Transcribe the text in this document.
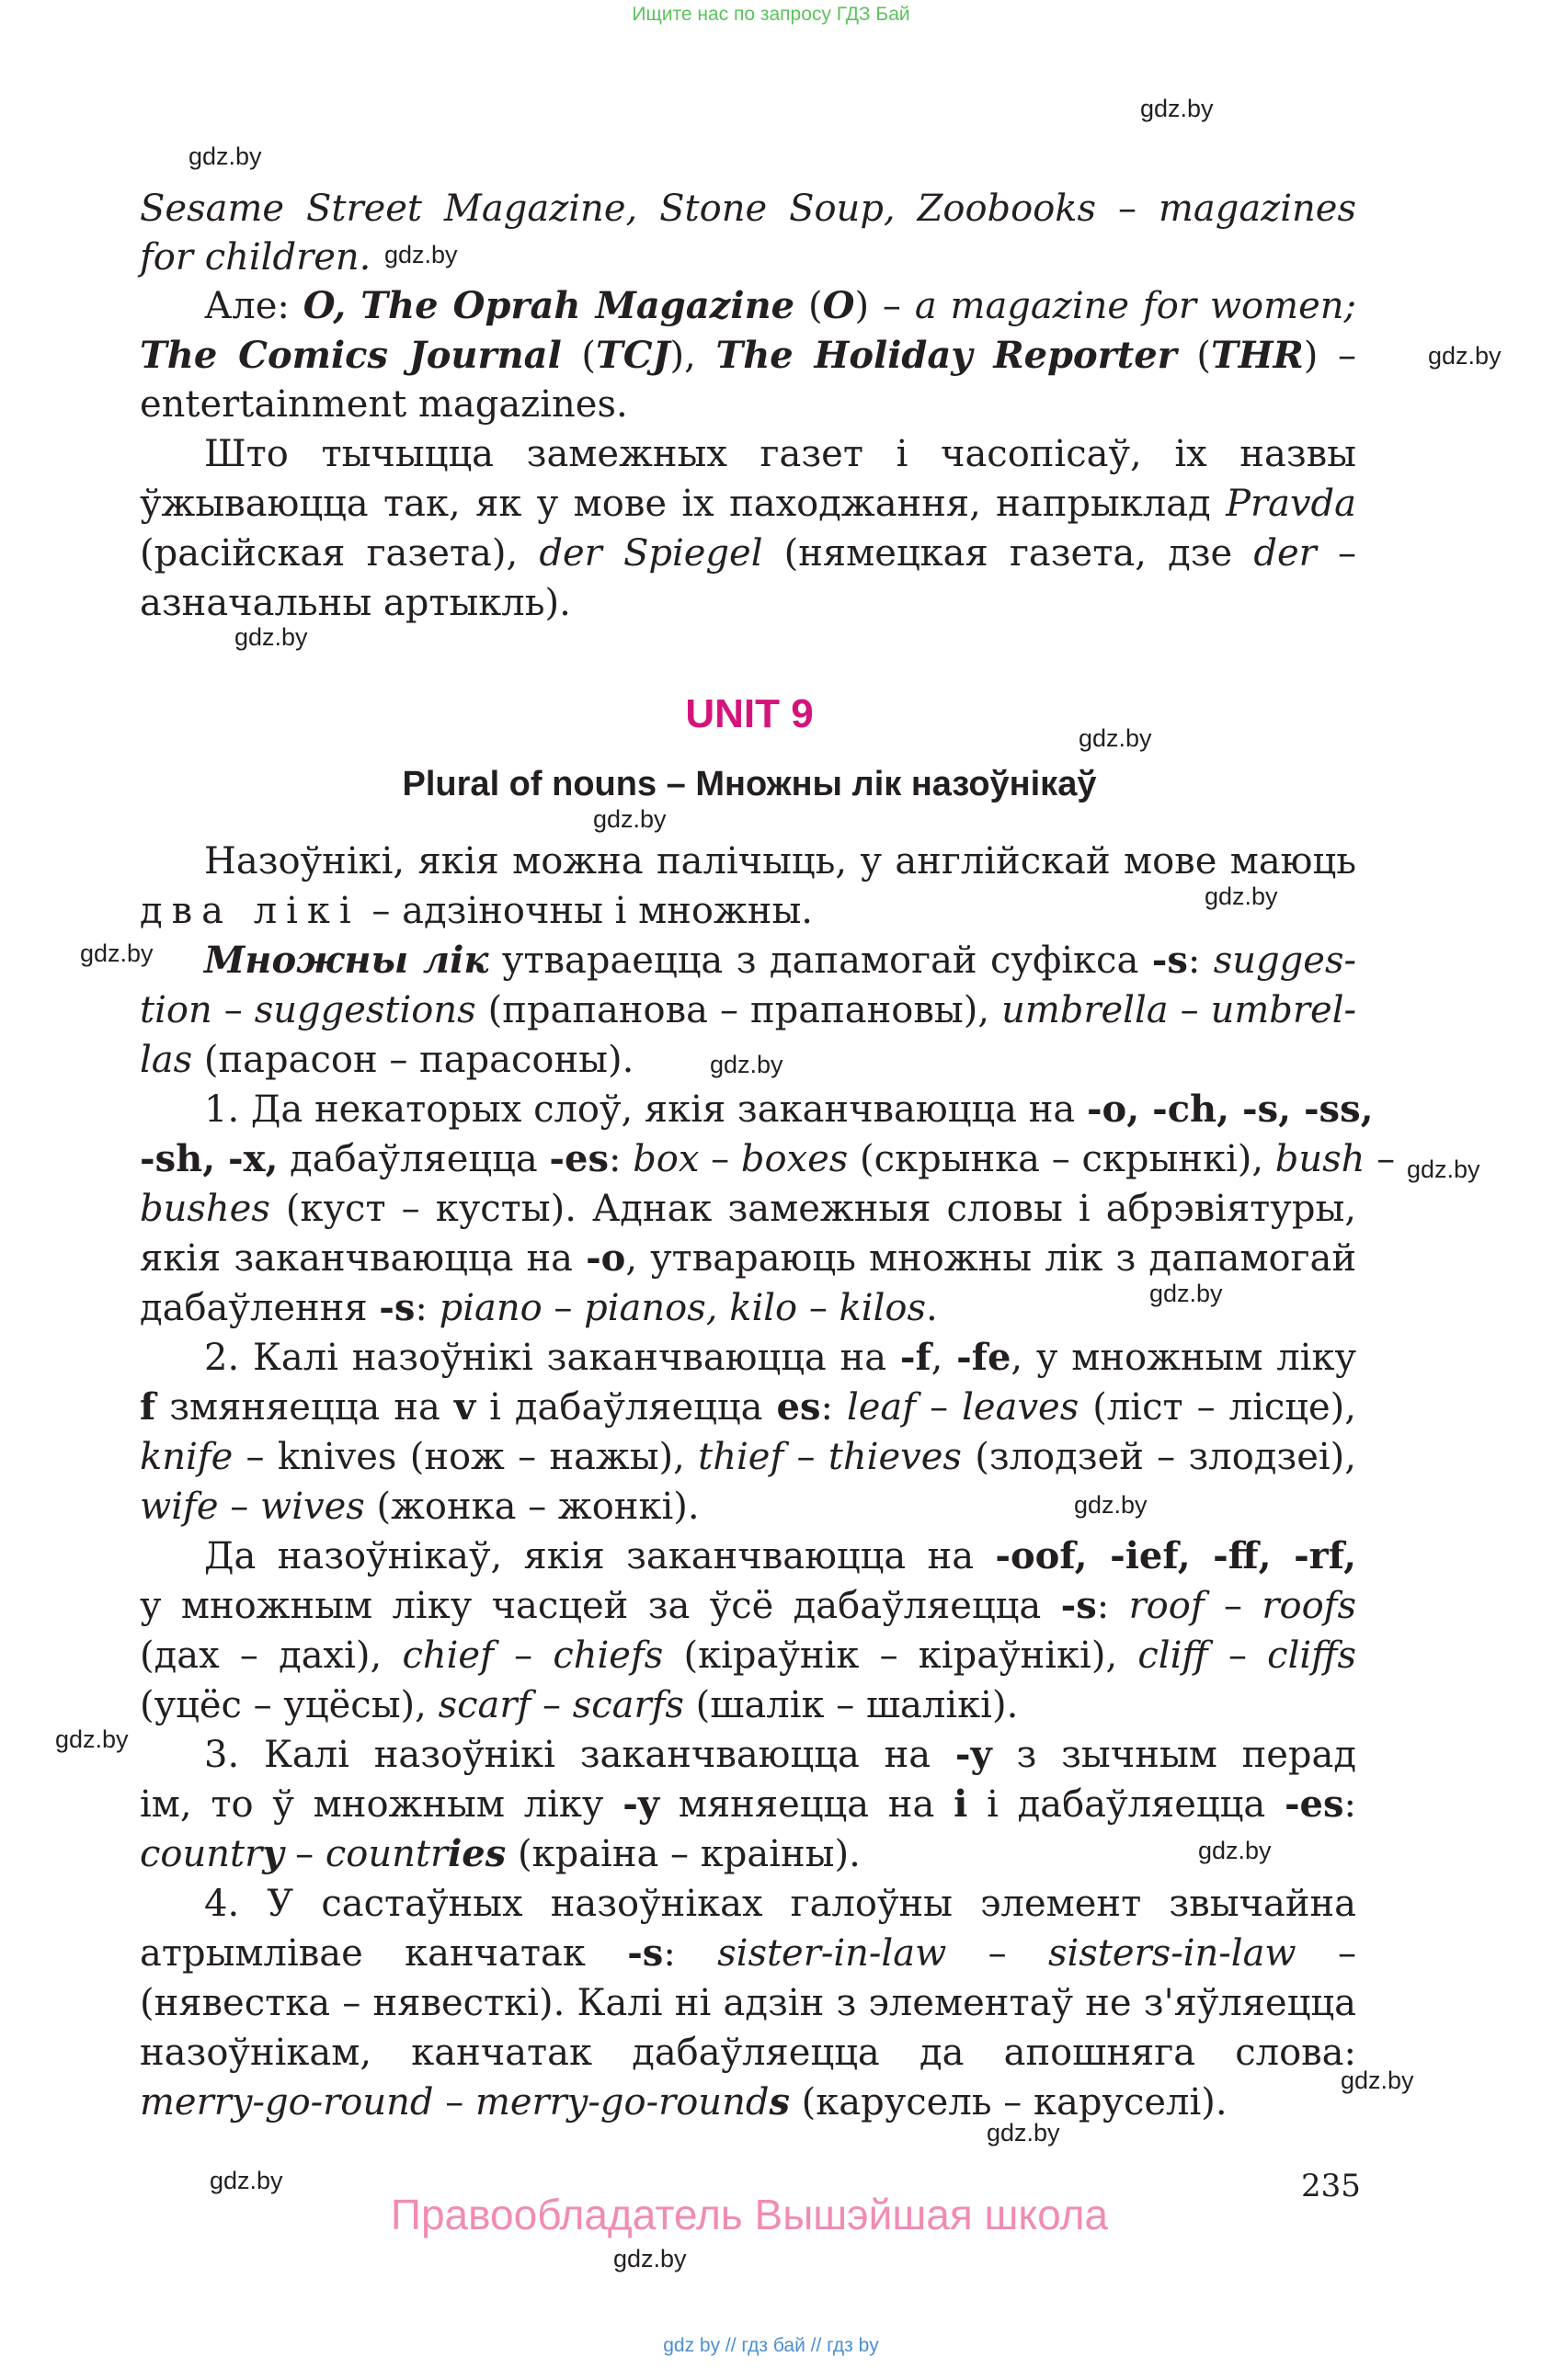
Ищите нас по запросу ГДЗ Бай
gdz.by
gdz.by
gdz.by
gdz.by
gdz.by
gdz.by
gdz.by
gdz.by
gdz.by
gdz.by
gdz.by
gdz.by
gdz.by
gdz.by
gdz.by
gdz.by
gdz.by
gdz.by
gdz.by
Sesame Street Magazine, Stone Soup, Zoobooks – magazines
for children.
Але: O, The Oprah Magazine (O) – a magazine for women;
The Comics Journal (TCJ), The Holiday Reporter (THR) –
entertainment magazines.
Што тычыцца замежных газет і часопісаў, іх назвы
ўжываюцца так, як у мове іх паходжання, напрыклад Pravda
(расійская газета), der Spiegel (нямецкая газета, дзе der –
азначальны артыкль).
UNIT 9
Plural of nouns – Множны лік назоўнікаў
Назоўнікі, якія можна палічыць, у англійскай мове маюць
два лікі – адзіночны і множны.
Множны лік утвараецца з дапамогай суфікса -s: sugges-
tion – suggestions (прапанова – прапановы), umbrella – umbrel-
las (парасон – парасоны).
1. Да некаторых слоў, якія заканчваюцца на -o, -ch, -s, -ss,
-sh, -x, дабаўляецца -es: box – boxes (скрынка – скрынкі), bush –
bushes (куст – кусты). Аднак замежныя словы і абрэвіятуры,
якія заканчваюцца на -o, утвараюць множны лік з дапамогай
дабаўлення -s: piano – pianos, kilo – kilos.
2. Калі назоўнікі заканчваюцца на -f, -fe, у множным ліку
f змяняецца на v і дабаўляецца es: leaf – leaves (ліст – лісце),
knife – knives (нож – нажы), thief – thieves (злодзей – злодзеі),
wife – wives (жонка – жонкі).
Да назоўнікаў, якія заканчваюцца на -oof, -ief, -ff, -rf,
у множным ліку часцей за ўсё дабаўляецца -s: roof – roofs
(дах – дахі), chief – chiefs (кіраўнік – кіраўнікі), cliff – cliffs
(уцёс – уцёсы), scarf – scarfs (шалік – шалікі).
3. Калі назоўнікі заканчваюцца на -y з зычным перад
ім, то ў множным ліку -y мяняецца на i і дабаўляецца -es:
country – countries (краіна – краіны).
4. У састаўных назоўніках галоўны элемент звычайна
атрымлівае канчатак -s: sister-in-law – sisters-in-law –
(нявестка – нявесткі). Калі ні адзін з элементаў не з'яўляецца
назоўнікам, канчатак дабаўляецца да апошняга слова:
merry-go-round – merry-go-rounds (карусель – каруселі).
235
Правообладатель Вышэйшая школа
gdz by // гдз бай // гдз by
